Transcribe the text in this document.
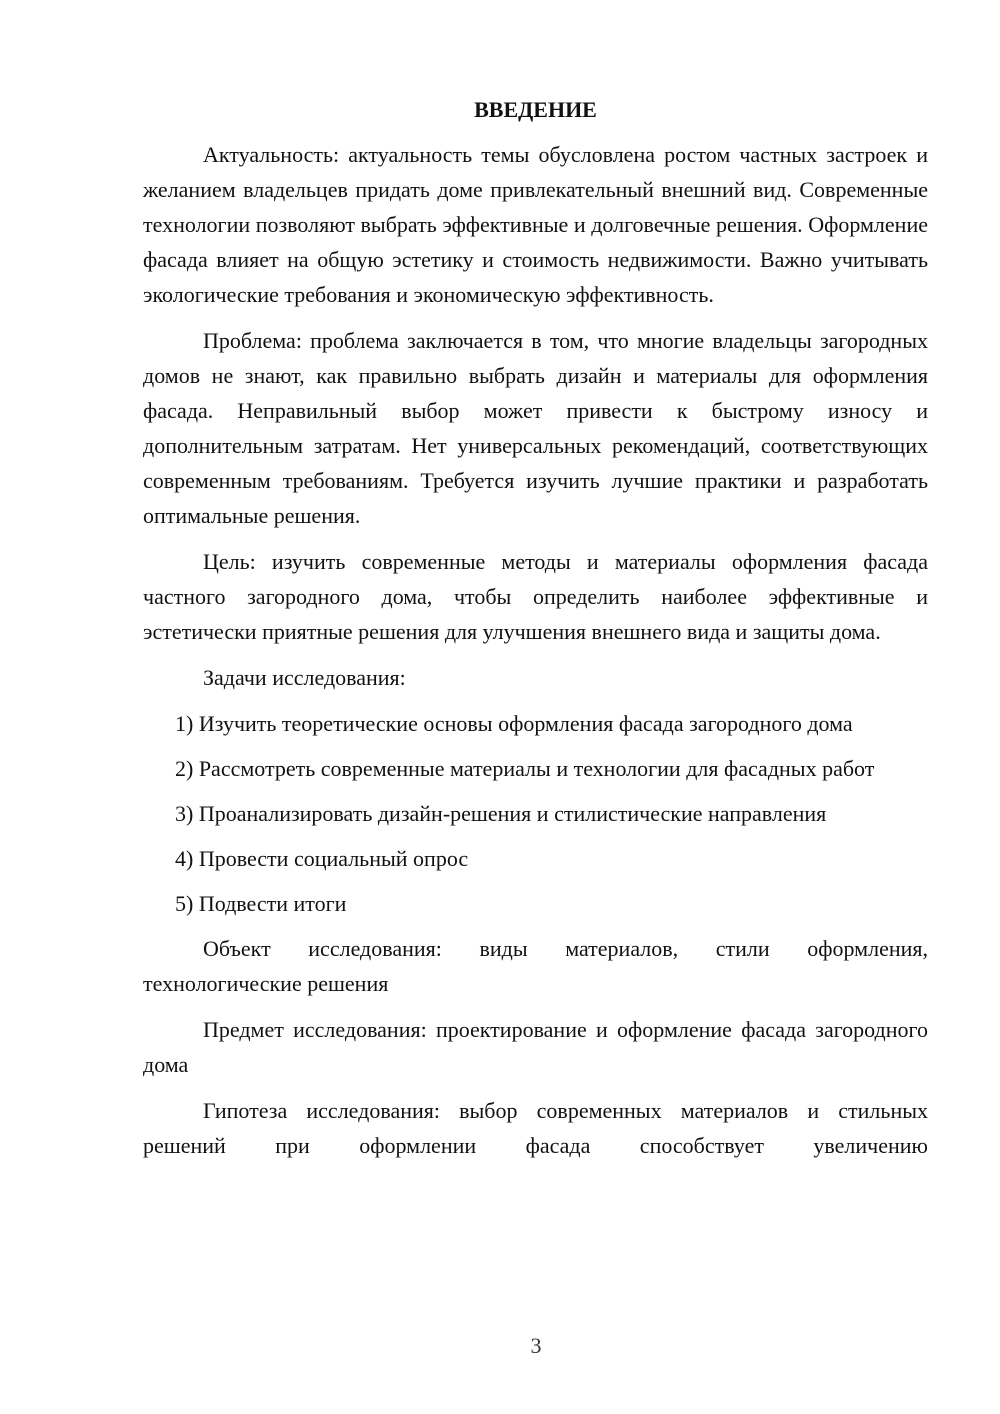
ВВЕДЕНИЕ

Актуальность: актуальность темы обусловлена ростом частных застроек и желанием владельцев придать доме привлекательный внешний вид. Современные технологии позволяют выбрать эффективные и долговечные решения. Оформление фасада влияет на общую эстетику и стоимость недвижимости. Важно учитывать экологические требования и экономическую эффективность.

Проблема: проблема заключается в том, что многие владельцы загородных домов не знают, как правильно выбрать дизайн и материалы для оформления фасада. Неправильный выбор может привести к быстрому износу и дополнительным затратам. Нет универсальных рекомендаций, соответствующих современным требованиям. Требуется изучить лучшие практики и разработать оптимальные решения.

Цель: изучить современные методы и материалы оформления фасада частного загородного дома, чтобы определить наиболее эффективные и эстетически приятные решения для улучшения внешнего вида и защиты дома.

Задачи исследования:

1) Изучить теоретические основы оформления фасада загородного дома

2) Рассмотреть современные материалы и технологии для фасадных работ

3) Проанализировать дизайн-решения и стилистические направления

4) Провести социальный опрос

5) Подвести итоги

Объект исследования: виды материалов, стили оформления, технологические решения

Предмет исследования: проектирование и оформление фасада загородного дома

Гипотеза исследования: выбор современных материалов и стильных решений при оформлении фасада способствует увеличению

3
